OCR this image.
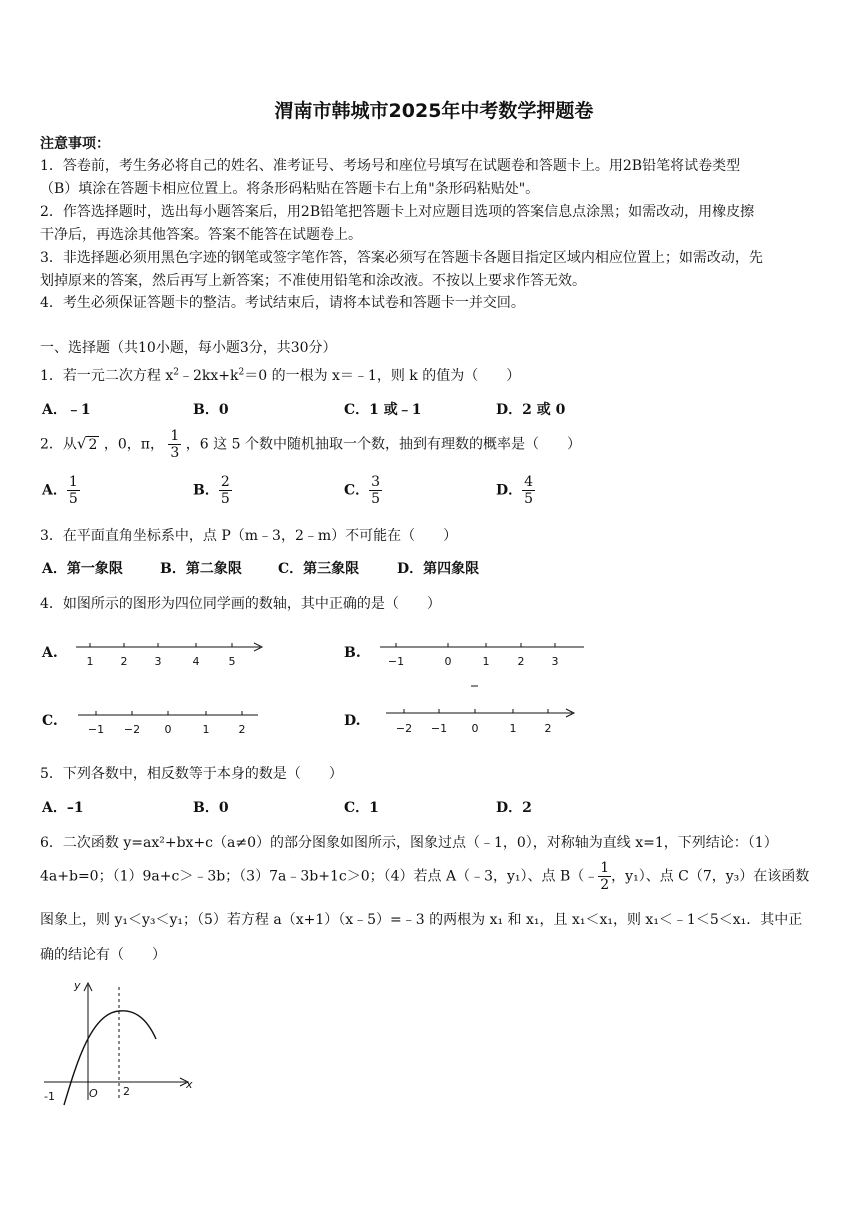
渭南市韩城市2025年中考数学押题卷
注意事项：
1．答卷前，考生务必将自己的姓名、准考证号、考场号和座位号填写在试题卷和答题卡上。用2B铅笔将试卷类型
（B）填涂在答题卡相应位置上。将条形码粘贴在答题卡右上角"条形码粘贴处"。
2．作答选择题时，选出每小题答案后，用2B铅笔把答题卡上对应题目选项的答案信息点涂黑；如需改动，用橡皮擦
干净后，再选涂其他答案。答案不能答在试题卷上。
3．非选择题必须用黑色字迹的钢笔或签字笔作答，答案必须写在答题卡各题目指定区域内相应位置上；如需改动，先
划掉原来的答案，然后再写上新答案；不准使用铅笔和涂改液。不按以上要求作答无效。
4．考生必须保证答题卡的整洁。考试结束后，请将本试卷和答题卡一并交回。
一、选择题（共10小题，每小题3分，共30分）
1．若一元二次方程 $x^2﹣2kx+k^2=0$ 的一根为 x＝﹣1，则 k 的值为（　　）
A．﹣1	B．0	C．1 或﹣1	D．2 或 0
2．从√ 2 ，0，π， $\frac{1}{3}$ ，6 这 5 个数中随机抽取一个数，抽到有理数的概率是（　　）
A． $\frac{1}{5}$	B． $\frac{2}{5}$	C． $\frac{3}{5}$	D． $\frac{4}{5}$
3．在平面直角坐标系中，点 P（m﹣3，2﹣m）不可能在（　　）
A．第一象限	B．第二象限	C．第三象限	D．第四象限
4．如图所示的图形为四位同学画的数轴，其中正确的是（　　）
A.
1 2 3	4	5
B.
−1	0	1	2 3
C.
−1 −2 0	1	2
D.	−2 −1 0	1	2
5．下列各数中，相反数等于本身的数是（　　）
A．–1	B．0	C．1	D．2
6．二次函数 y=ax²+bx+c（a≠0）的部分图象如图所示，图象过点（﹣1，0），对称轴为直线 x=1，下列结论：（1）
4a+b=0；（1）9a+c＞﹣3b；（3）7a﹣3b+1c＞0；（4）若点 A（﹣3，y₁）、点 B（﹣ $\frac{1}{2}$ ，y₁）、点 C（7，y₃）在该函数
图象上，则 y₁＜y₃＜y₁；（5）若方程 a（x+1）（x﹣5）=﹣3 的两根为 x₁ 和 x₁，且 x₁＜x₁，则 x₁＜﹣1＜5＜x₁．其中正
确的结论有（　　）
y
x
O
-1	2
